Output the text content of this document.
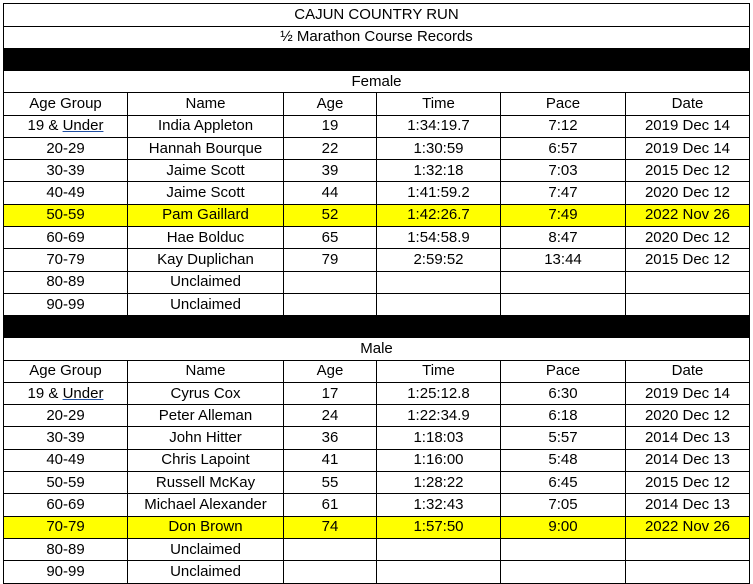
CAJUN COUNTRY RUN					
½ Marathon Course Records					

Female					
Age Group	Name	Age	Time	Pace	Date
19 & Under	India Appleton	19	1:34:19.7	7:12	2019 Dec 14
20-29	Hannah Bourque	22	1:30:59	6:57	2019 Dec 14
30-39	Jaime Scott	39	1:32:18	7:03	2015 Dec 12
40-49	Jaime Scott	44	1:41:59.2	7:47	2020 Dec 12
50-59	Pam Gaillard	52	1:42:26.7	7:49	2022 Nov 26
60-69	Hae Bolduc	65	1:54:58.9	8:47	2020 Dec 12
70-79	Kay Duplichan	79	2:59:52	13:44	2015 Dec 12
80-89	Unclaimed				
90-99	Unclaimed				

Male					
Age Group	Name	Age	Time	Pace	Date
19 & Under	Cyrus Cox	17	1:25:12.8	6:30	2019 Dec 14
20-29	Peter Alleman	24	1:22:34.9	6:18	2020 Dec 12
30-39	John Hitter	36	1:18:03	5:57	2014 Dec 13
40-49	Chris Lapoint	41	1:16:00	5:48	2014 Dec 13
50-59	Russell McKay	55	1:28:22	6:45	2015 Dec 12
60-69	Michael Alexander	61	1:32:43	7:05	2014 Dec 13
70-79	Don Brown	74	1:57:50	9:00	2022 Nov 26
80-89	Unclaimed				
90-99	Unclaimed				
